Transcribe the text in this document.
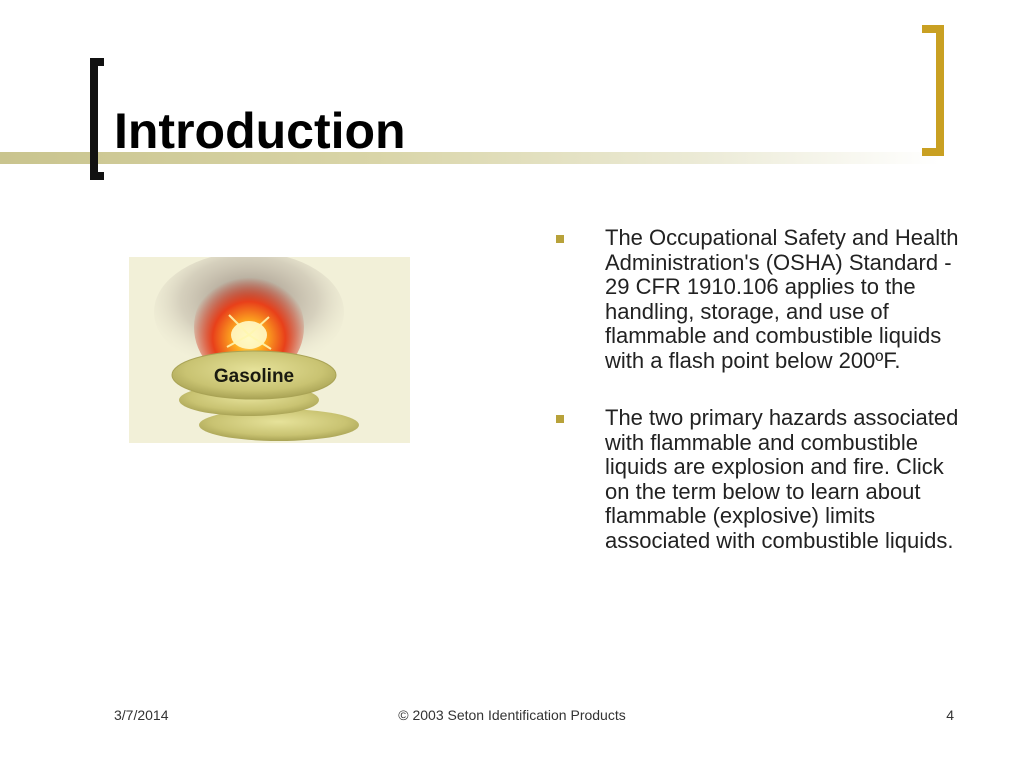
Introduction
Gasoline
The Occupational Safety and Health Administration's (OSHA) Standard - 29 CFR 1910.106 applies to the handling, storage, and use of flammable and combustible liquids with a flash point below 200ºF.
The two primary hazards associated with flammable and combustible liquids are explosion and fire. Click on the term below to learn about flammable (explosive) limits associated with combustible liquids.
3/7/2014	© 2003 Seton Identification Products	4
